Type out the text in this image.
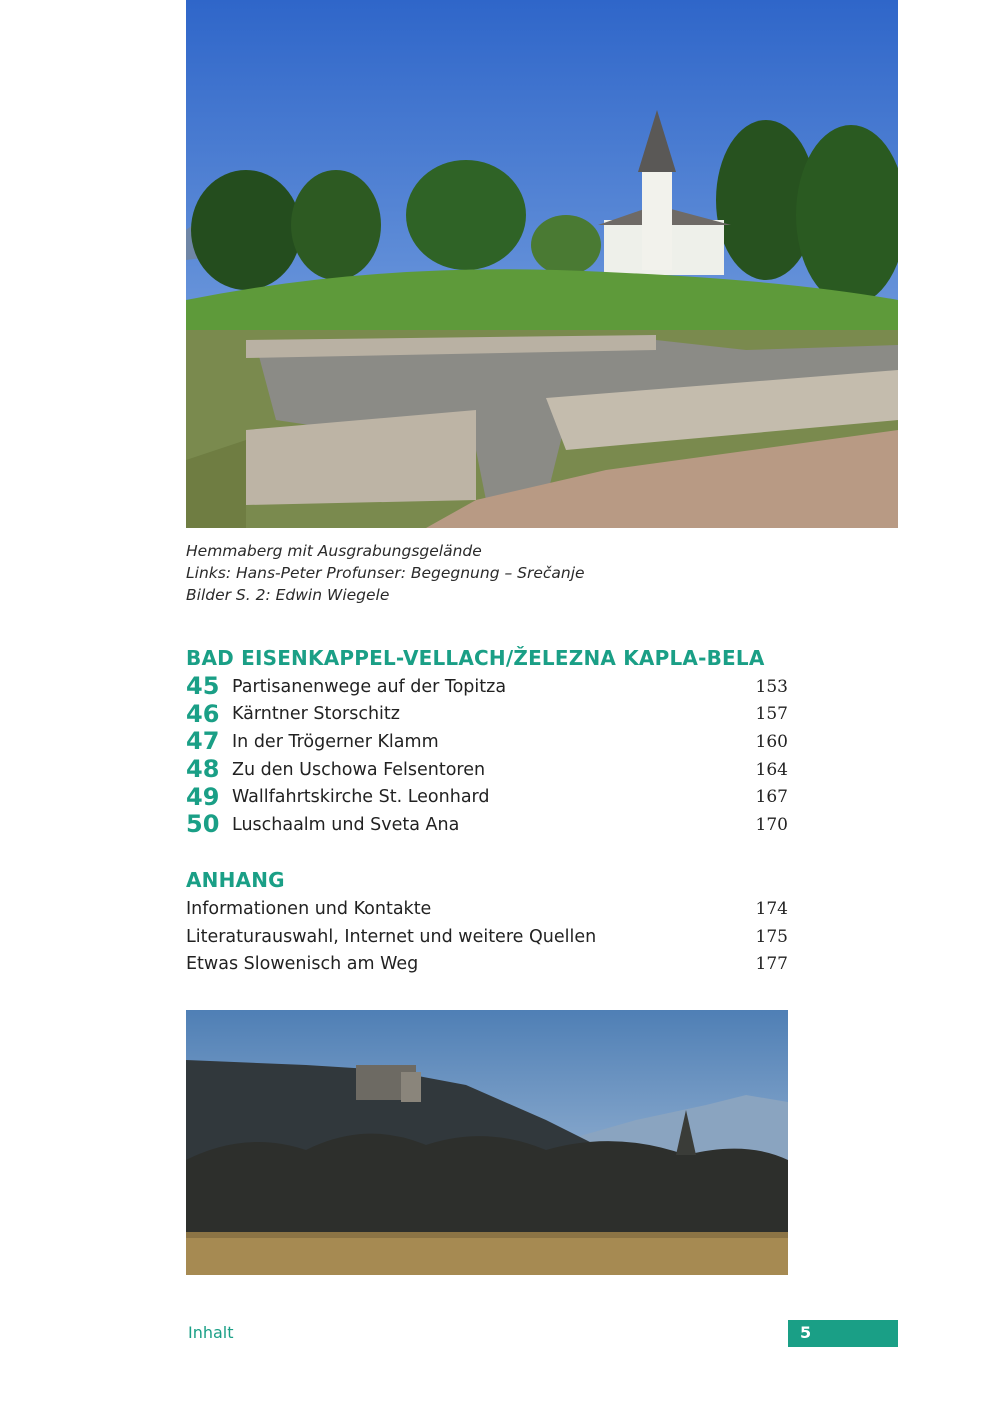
Hemmaberg mit Ausgrabungsgelände
Links: Hans-Peter Profunser: Begegnung – Srečanje
Bilder S. 2: Edwin Wiegele
BAD EISENKAPPEL-VELLACH/ŽELEZNA KAPLA-BELA
45 Partisanenwege auf der Topitza	153
46 Kärntner Storschitz	157
47 In der Trögerner Klamm	160
48 Zu den Uschowa Felsentoren	164
49 Wallfahrtskirche St. Leonhard	167
50 Luschaalm und Sveta Ana	170
ANHANG
Informationen und Kontakte	174
Literaturauswahl, Internet und weitere Quellen	175
Etwas Slowenisch am Weg	177
Inhalt	5
